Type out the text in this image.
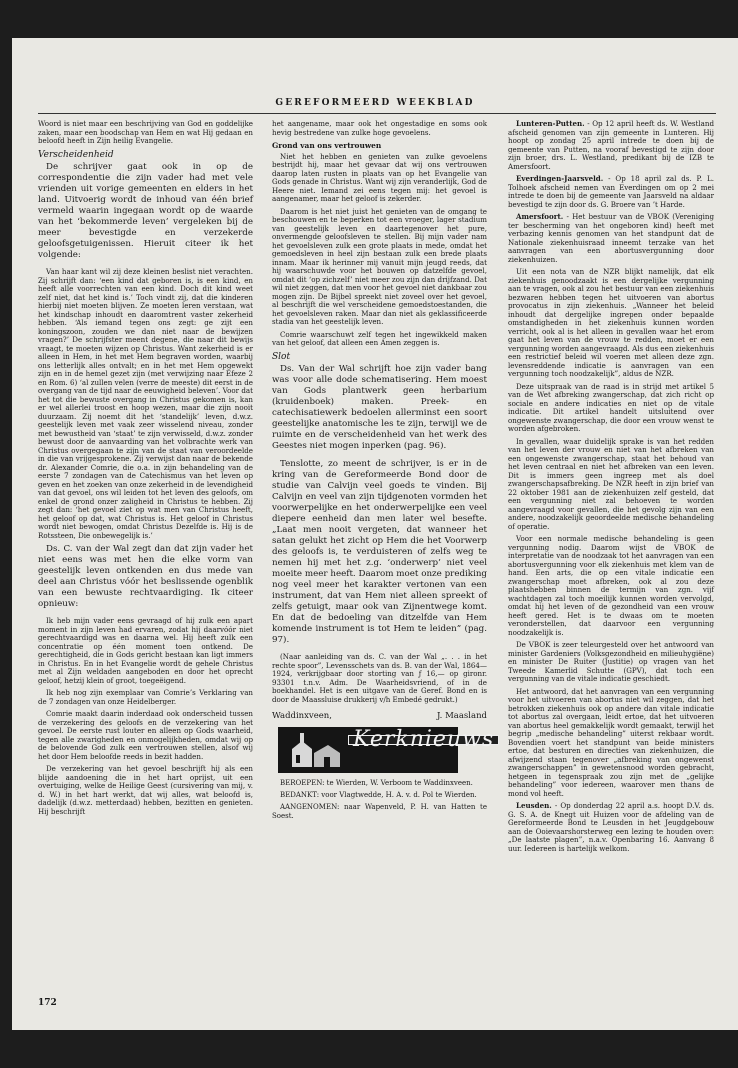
GEREFORMEERD WEEKBLAD

Woord is niet maar een beschrijving van God en goddelijke zaken, maar een boodschap van Hem en wat Hij gedaan en beloofd heeft in Zijn heilig Evangelie.

Verscheidenheid

De schrijver gaat ook in op de correspondentie die zijn vader had met vele vrienden uit vorige gemeenten en elders in het land. Uitvoerig wordt de inhoud van één brief vermeld waarin ingegaan wordt op de waarde van het ‘bekommerde leven’ vergeleken bij de meer bevestigde en verzekerde geloofsgetuigenissen. Hieruit citeer ik het volgende:

Van haar kant wil zij deze kleinen beslist niet verachten. Zij schrijft dan: ‘een kind dat geboren is, is een kind, en heeft alle voorrechten van een kind. Doch dit kind weet zelf niet, dat het kind is.’ Toch vindt zij, dat die kinderen hierbij niet moeten blijven. Ze moeten leren verstaan, wat het kindschap inhoudt en daaromtrent vaster zekerheid hebben. ‘Als iemand tegen ons zegt: ge zijt een koningszoon, zouden we dan niet naar de bewijzen vragen?’ De schrijfster meent degene, die naar dit bewijs vraagt, te moeten wijzen op Christus. Want zekerheid is er alleen in Hem, in het met Hem begraven worden, waarbij ons letterlijk alles ontvalt; en in het met Hem opgewekt zijn en in de hemel gezet zijn (met verwijzing naar Efeze 2 en Rom. 6) ‘al zullen velen (verre de meeste) dit eerst in de overgang van de tijd naar de eeuwigheid beleven’. Voor dat het tot die bewuste overgang in Christus gekomen is, kan er wel allerlei troost en hoop wezen, maar die zijn nooit duurzaam. Zij noemt dit het ‘standelijk’ leven, d.w.z. geestelijk leven met vaak zeer wisselend niveau, zonder met bewustheid van ‘staat’ te zijn verwisseld, d.w.z. zonder bewust door de aanvaarding van het volbrachte werk van Christus overgegaan te zijn van de staat van veroordeelde in die van vrijgesprokene. Zij verwijst dan naar de bekende dr. Alexander Comrie, die o.a. in zijn behandeling van de eerste 7 zondagen van de Catechismus van het leven op geven en het zoeken van onze zekerheid in de levendigheid van dat gevoel, ons wil leiden tot het leven des geloofs, om enkel de grond onzer zaligheid in Christus te hebben. Zij zegt dan: ‘het gevoel ziet op wat men van Christus heeft, het geloof op dat, wat Christus is. Het geloof in Christus wordt niet bewogen, omdat Christus Dezelfde is. Hij is de Rotssteen, Die onbewegelijk is.’

Ds. C. van der Wal zegt dan dat zijn vader het niet eens was met hen die elke vorm van geestelijk leven ontkenden en dus mede van deel aan Christus vóór het beslissende ogenblik van een bewuste rechtvaardiging. Ik citeer opnieuw:

Ik heb mijn vader eens gevraagd of hij zulk een apart moment in zijn leven had ervaren, zodat hij daarvóór niet gerechtvaardigd was en daarna wel. Hij heeft zulk een concentratie op één moment toen ontkend. De gerechtigheid, die in Gods gericht bestaan kan ligt immers in Christus. En in het Evangelie wordt de gehele Christus met al Zijn weldaden aangeboden en door het oprecht geloof, hetzij klein of groot, toegeëigend.

Ik heb nog zijn exemplaar van Comrie’s Verklaring van de 7 zondagen van onze Heidelberger.

Comrie maakt daarin inderdaad ook onderscheid tussen de verzekering des geloofs en de verzekering van het gevoel. De eerste rust louter en alleen op Gods waarheid, tegen alle zwarigheden en onmogelijkheden, omdat wij op de belovende God zulk een vertrouwen stellen, alsof wij het door Hem beloofde reeds in bezit hadden.

De verzekering van het gevoel beschrijft hij als een blijde aandoening die in het hart oprijst, uit een overtuiging, welke de Heilige Geest (cursivering van mij, v. d. W.) in het hart werkt, dat wij alles, wat beloofd is, dadelijk (d.w.z. metterdaad) hebben, bezitten en genieten. Hij beschrijft

het aangename, maar ook het ongestadige en soms ook hevig bestredene van zulke hoge gevoelens.

Grond van ons vertrouwen

Niet het hebben en genieten van zulke gevoelens bestrijdt hij, maar het gevaar dat wij ons vertrouwen daarop laten rusten in plaats van op het Evangelie van Gods genade in Christus. Want wij zijn veranderlijk, God de Heere niet. Iemand zei eens tegen mij: het gevoel is aangenamer, maar het geloof is zekerder.

Daarom is het niet juist het genieten van de omgang te beschouwen en te beperken tot een vroeger, lager stadium van geestelijk leven en daartegenover het pure, onvermengde geloofsleven te stellen. Bij mijn vader nam het gevoelsleven zulk een grote plaats in mede, omdat het gemoedsleven in heel zijn bestaan zulk een brede plaats innam. Maar ik herinner mij vanuit mijn jeugd reeds, dat hij waarschuwde voor het bouwen op datzelfde gevoel, omdat dit ‘op zichzelf’ niet meer zou zijn dan drijfzand. Dat wil niet zeggen, dat men voor het gevoel niet dankbaar zou mogen zijn. De Bijbel spreekt niet zoveel over het gevoel, al beschrijft die wel verscheidene gemoedstoestanden, die het gevoelsleven raken. Maar dan niet als geklassificeerde stadia van het geestelijk leven.

Comrie waarschuwt zelf tegen het ingewikkeld maken van het geloof, dat alleen een Amen zeggen is.

Slot

Ds. Van der Wal schrijft hoe zijn vader bang was voor alle dode schematisering. Hem moest van Gods plantwerk geen herbarium (kruidenboek) maken. Preek- en catechisatiewerk bedoelen allerminst een soort geestelijke anatomische les te zijn, terwijl we de ruimte en de verscheidenheid van het werk des Geestes niet mogen inperken (pag. 96).

Tenslotte, zo meent de schrijver, is er in de kring van de Gereformeerde Bond door de studie van Calvijn veel goeds te vinden. Bij Calvijn en veel van zijn tijdgenoten vormden het voorwerpelijke en het onderwerpelijke een veel diepere eenheid dan men later wel besefte. „Laat men nooit vergeten, dat wanneer het satan gelukt het zicht op Hem die het Voorwerp des geloofs is, te verduisteren of zelfs weg te nemen hij met het z.g. ‘onderwerp’ niet veel moeite meer heeft. Daarom moet onze prediking nog veel meer het karakter vertonen van een instrument, dat van Hem niet alleen spreekt of zelfs getuigt, maar ook van Zijnentwege komt. En dat de bedoeling van ditzelfde van Hem komende instrument is tot Hem te leiden” (pag. 97).

(Naar aanleiding van ds. C. van der Wal „. . . in het rechte spoor”, Levensschets van ds. B. van der Wal, 1864—1924, verkrijgbaar door storting van ƒ 16,— op gironr. 93301 t.n.v. Adm. De Waarheidsvriend, of in de boekhandel. Het is een uitgave van de Geref. Bond en is door de Maassluise drukkerij v/h Embedé gedrukt.)

Waddinxveen,	J. Maasland
Kerknieuws

BEROEPEN: te Wierden, W. Verboom te Waddinxveen.

BEDANKT: voor Vlagtwedde, H. A. v. d. Pol te Wierden.

AANGENOMEN: naar Wapenveld, P. H. van Hatten te Soest.

Lunteren-Putten. - Op 12 april heeft ds. W. Westland afscheid genomen van zijn gemeente in Lunteren. Hij hoopt op zondag 25 april intrede te doen bij de gemeente van Putten, na vooraf bevestigd te zijn door zijn broer, drs. L. Westland, predikant bij de IZB te Amersfoort.

Everdingen-Jaarsveld. - Op 18 april zal ds. P. L. Tolhoek afscheid nemen van Everdingen om op 2 mei intrede te doen bij de gemeente van Jaarsveld na aldaar bevestigd te zijn door ds. G. Broere van ’t Harde.

Amersfoort. - Het bestuur van de VBOK (Vereniging ter bescherming van het ongeboren kind) heeft met verbazing kennis genomen van het standpunt dat de Nationale ziekenhuisraad inneemt terzake van het aanvragen van een abortusvergunning door ziekenhuizen.

Uit een nota van de NZR blijkt namelijk, dat elk ziekenhuis genoodzaakt is een dergelijke vergunning aan te vragen, ook al zou het bestuur van een ziekenhuis bezwaren hebben tegen het uitvoeren van abortus provocatus in zijn ziekenhuis. „Wanneer het beleid inhoudt dat dergelijke ingrepen onder bepaalde omstandigheden in het ziekenhuis kunnen worden verricht, ook al is het alleen in gevallen waar het erom gaat het leven van de vrouw te redden, moet er een vergunning worden aangevraagd. Als dus een ziekenhuis een restrictief beleid wil voeren met alleen deze zgn. levensreddende indicatie is aanvragen van een vergunning toch noodzakelijk”, aldus de NZR.

Deze uitspraak van de raad is in strijd met artikel 5 van de Wet afbreking zwangerschap, dat zich richt op sociale en andere indicaties en niet op de vitale indicatie. Dit artikel handelt uitsluitend over ongewenste zwangerschap, die door een vrouw wenst te worden afgebroken.

In gevallen, waar duidelijk sprake is van het redden van het leven der vrouw en niet van het afbreken van een ongewenste zwangerschap, staat het behoud van het leven centraal en niet het afbreken van een leven. Dit is immers geen ingreep met als doel zwangerschapsafbreking. De NZR heeft in zijn brief van 22 oktober 1981 aan de ziekenhuizen zelf gesteld, dat een vergunning niet zal behoeven te worden aangevraagd voor gevallen, die het gevolg zijn van een andere, noodzakelijk geoordeelde medische behandeling of operatie.

Voor een normale medische behandeling is geen vergunning nodig. Daarom wijst de VBOK de interpretatie van de noodzaak tot het aanvragen van een abortusvergunning voor elk ziekenhuis met klem van de hand. Een arts, die op een vitale indicatie een zwangerschap moet afbreken, ook al zou deze plaatshebben binnen de termijn van zgn. vijf wachtdagen zal toch moeilijk kunnen worden vervolgd, omdat hij het leven of de gezondheid van een vrouw heeft gered. Het is te dwaas om te moeten veronderstellen, dat daarvoor een vergunning noodzakelijk is.

De VBOK is zeer teleurgesteld over het antwoord van minister Gardeniers (Volksgezondheid en milieuhygiëne) en minister De Ruiter (Justitie) op vragen van het Tweede Kamerlid Schutte (GPV), dat toch een vergunning van de vitale indicatie geschiedt.

Het antwoord, dat het aanvragen van een vergunning voor het uitvoeren van abortus niet wil zeggen, dat het betrokken ziekenhuis ook op andere dan vitale indicatie tot abortus zal overgaan, leidt ertoe, dat het uitvoeren van abortus heel gemakkelijk wordt gemaakt, terwijl het begrip „medische behandeling” uiterst rekbaar wordt. Bovendien voert het standpunt van beide ministers ertoe, dat besturen en directies van ziekenhuizen, die afwijzend staan tegenover „afbreking van ongewenst zwangerschappen” in gewetensnood worden gebracht, hetgeen in tegenspraak zou zijn met de „gelijke behandeling” voor iedereen, waarover men thans de mond vol heeft.

Leusden. - Op donderdag 22 april a.s. hoopt D.V. ds. G. S. A. de Knegt uit Huizen voor de afdeling van de Gereformeerde Bond te Leusden in het Jeugdgebouw aan de Ooievaarshorsterweg een lezing te houden over: „De laatste plagen”, n.a.v. Openbaring 16. Aanvang 8 uur. Iedereen is hartelijk welkom.

172
